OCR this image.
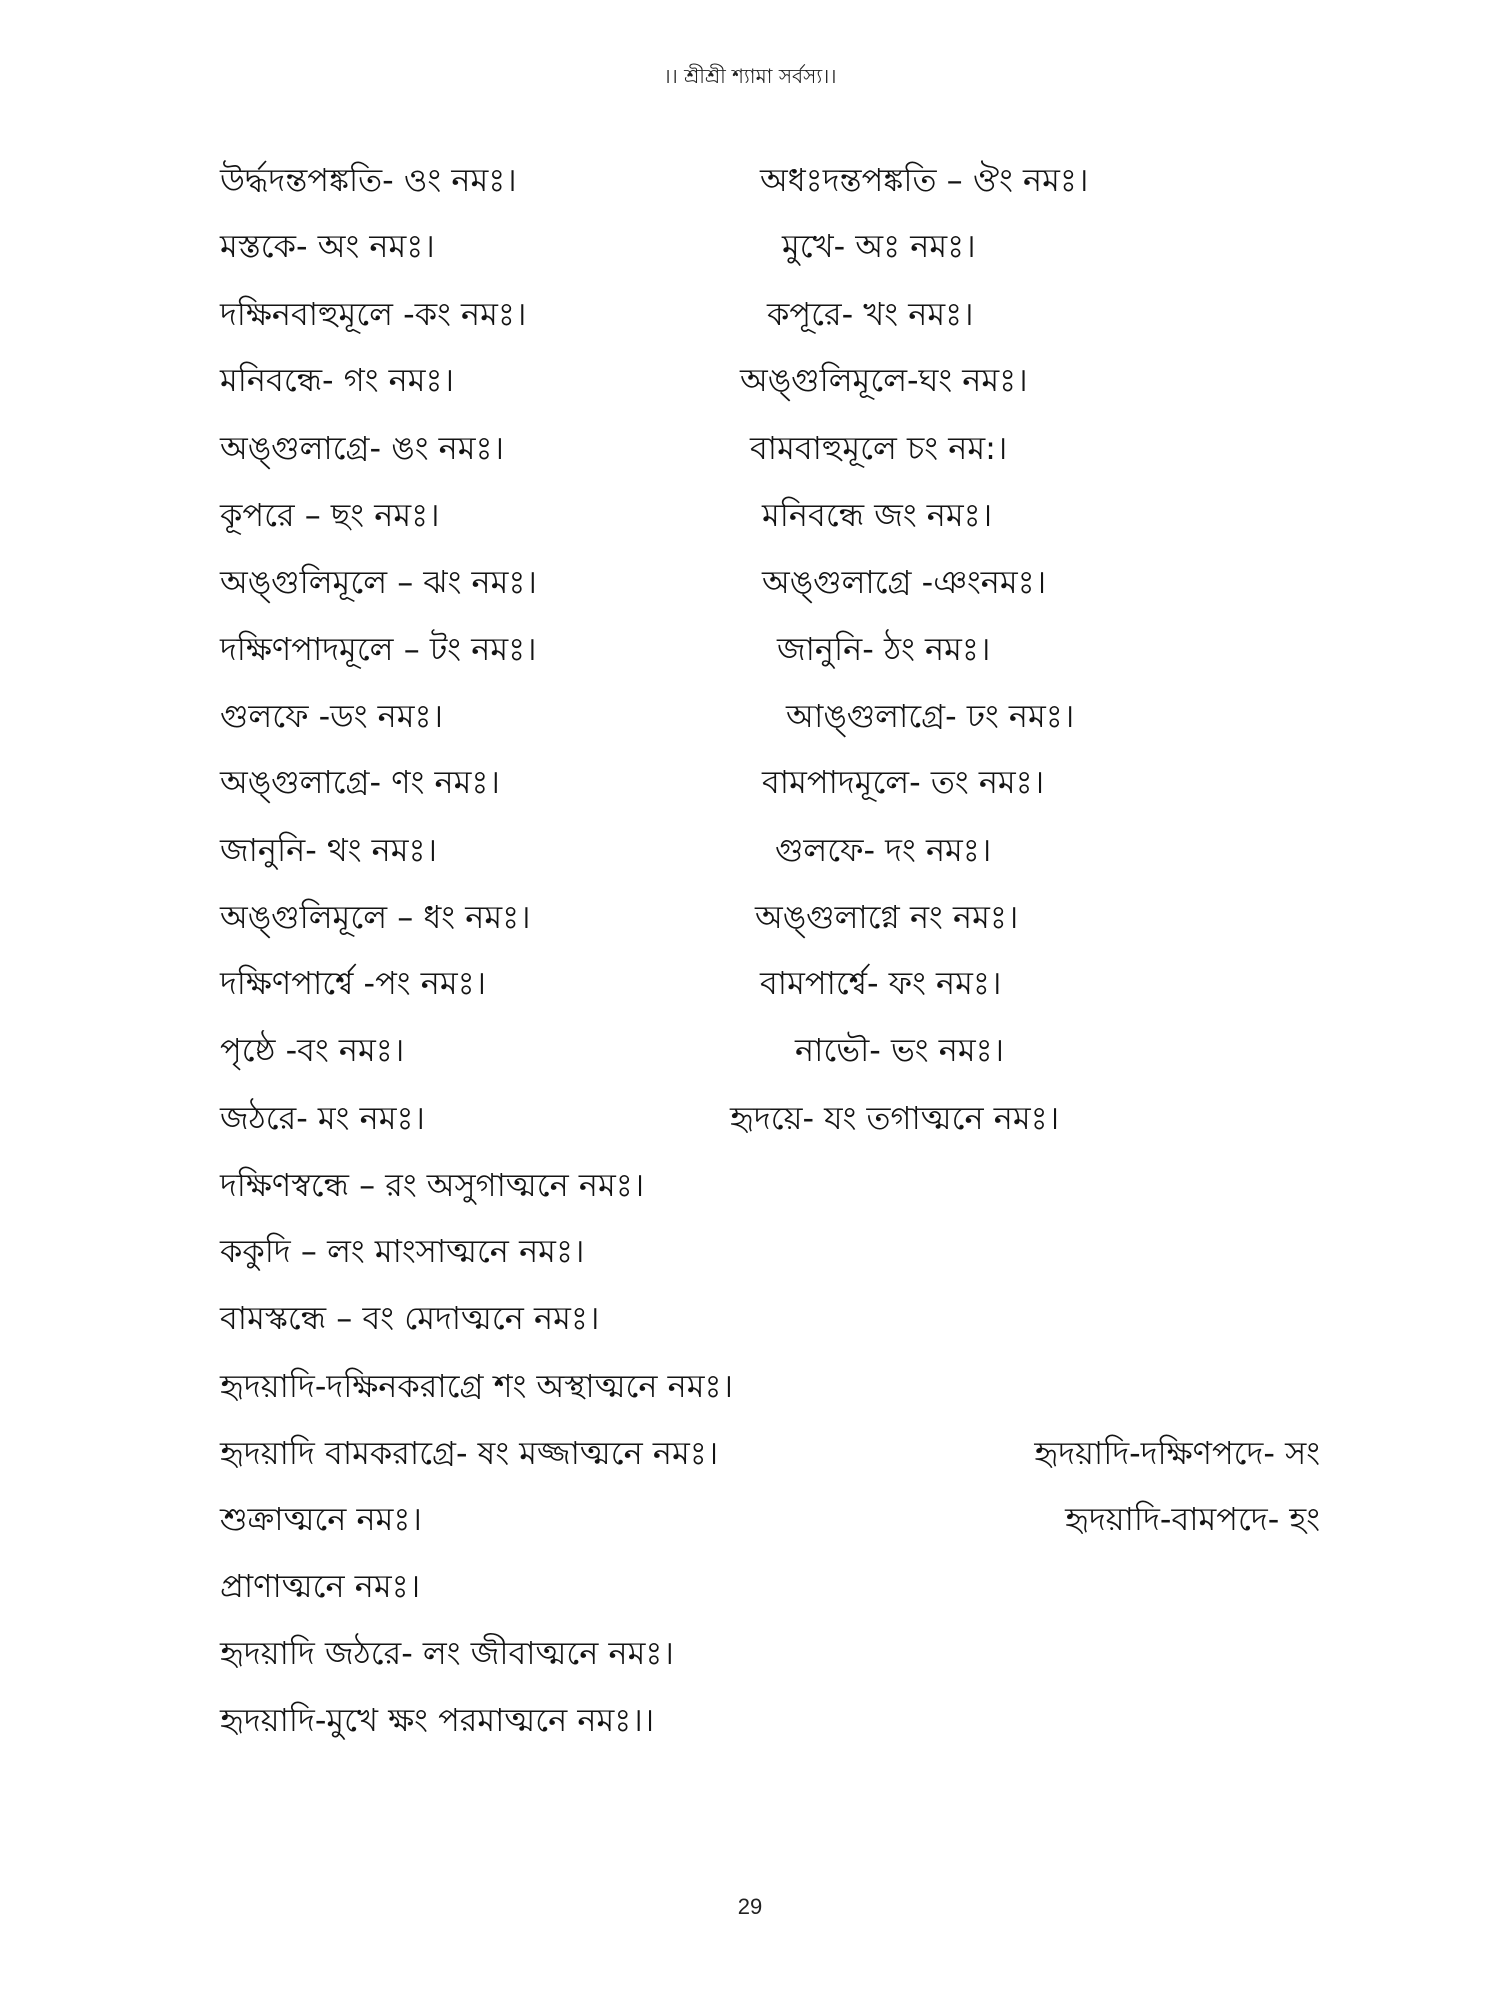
।। শ্রীশ্রী শ্যামা সর্বস্য।।
উর্দ্ধদন্তপঙ্কতি- ওং নমঃ।	অধঃদন্তপঙ্কতি – ঔং নমঃ।
মস্তকে- অং নমঃ।	মুখে- অঃ নমঃ।
দক্ষিনবাহুমূলে -কং নমঃ।	কপূরে- খং নমঃ।
মনিবন্ধে- গং নমঃ।	অঙ্গুলিমূলে-ঘং নমঃ।
অঙ্গুলাগ্রে- ঙং নমঃ।	বামবাহুমূলে চং নম:।
কূপরে – ছং নমঃ।	মনিবন্ধে জং নমঃ।
অঙ্গুলিমূলে – ঝং নমঃ।	অঙ্গুলাগ্রে -ঞংনমঃ।
দক্ষিণপাদমূলে – টং নমঃ।	জানুনি- ঠং নমঃ।
গুলফে -ডং নমঃ।	আঙ্গুলাগ্রে- ঢং নমঃ।
অঙ্গুলাগ্রে- ণং নমঃ।	বামপাদমূলে- তং নমঃ।
জানুনি- থং নমঃ।	গুলফে- দং নমঃ।
অঙ্গুলিমূলে – ধং নমঃ।	অঙ্গুলাগ্নে নং নমঃ।
দক্ষিণপার্শ্বে -পং নমঃ।	বামপার্শ্বে- ফং নমঃ।
পৃষ্ঠে -বং নমঃ।	নাভৌ- ভং নমঃ।
জঠরে- মং নমঃ।	হৃদয়ে- যং তগাত্মনে নমঃ।
দক্ষিণস্বন্ধে – রং অসুগাত্মনে নমঃ।
ককুদি – লং মাংসাত্মনে নমঃ।
বামস্কন্ধে – বং মেদাত্মনে নমঃ।
হৃদয়াদি-দক্ষিনকরাগ্রে শং অস্থাত্মনে নমঃ।
হৃদয়াদি বামকরাগ্রে- ষং মজ্জাত্মনে নমঃ।	হৃদয়াদি-দক্ষিণপদে- সং
শুক্রাত্মনে নমঃ।	হৃদয়াদি-বামপদে- হং
প্রাণাত্মনে নমঃ।
হৃদয়াদি জঠরে- লং জীবাত্মনে নমঃ।
হৃদয়াদি-মুখে ক্ষং পরমাত্মনে নমঃ।।
29
